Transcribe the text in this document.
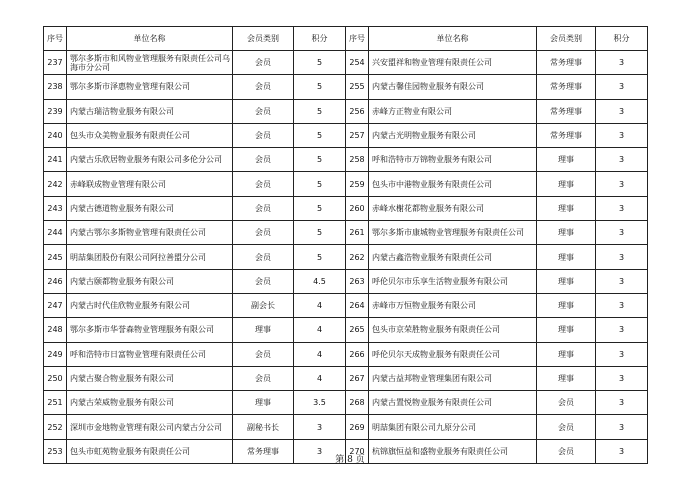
序号	单位名称	会员类别	积分	序号	单位名称	会员类别	积分
237	鄂尔多斯市和风物业管理服务有限责任公司乌海市分公司	会员	5	254	兴安盟祥和物业管理有限责任公司	常务理事	3
238	鄂尔多斯市泽惠物业管理有限公司	会员	5	255	内蒙古馨佳园物业服务有限公司	常务理事	3
239	内蒙古瑞洁物业服务有限公司	会员	5	256	赤峰方正物业有限公司	常务理事	3
240	包头市众美物业服务有限责任公司	会员	5	257	内蒙古光明物业服务有限公司	常务理事	3
241	内蒙古乐欣居物业服务有限公司多伦分公司	会员	5	258	呼和浩特市万锦物业服务有限公司	理事	3
242	赤峰联成物业管理有限公司	会员	5	259	包头市中港物业服务有限责任公司	理事	3
243	内蒙古德道物业服务有限公司	会员	5	260	赤峰水榭花都物业服务有限公司	理事	3
244	内蒙古鄂尔多斯物业管理有限责任公司	会员	5	261	鄂尔多斯市康城物业管理服务有限责任公司	理事	3
245	明喆集团股份有限公司阿拉善盟分公司	会员	5	262	内蒙古鑫浩物业服务有限责任公司	理事	3
246	内蒙古颐都物业服务有限公司	会员	4.5	263	呼伦贝尔市乐享生活物业服务有限公司	理事	3
247	内蒙古时代佳欣物业服务有限公司	副会长	4	264	赤峰市万恒物业服务有限公司	理事	3
248	鄂尔多斯市华誉森物业管理服务有限公司	理事	4	265	包头市京荣胜物业服务有限责任公司	理事	3
249	呼和浩特市日富物业管理有限责任公司	会员	4	266	呼伦贝尔天成物业服务有限责任公司	理事	3
250	内蒙古聚合物业服务有限公司	会员	4	267	内蒙古益邦物业管理集团有限公司	理事	3
251	内蒙古荣威物业服务有限公司	理事	3.5	268	内蒙古置悦物业服务有限责任公司	会员	3
252	深圳市金地物业管理有限公司内蒙古分公司	副秘书长	3	269	明喆集团有限公司九原分公司	会员	3
253	包头市虹苑物业服务有限责任公司	常务理事	3	270	杭锦旗恒益和盛物业服务有限责任公司	会员	3
第 8 页
